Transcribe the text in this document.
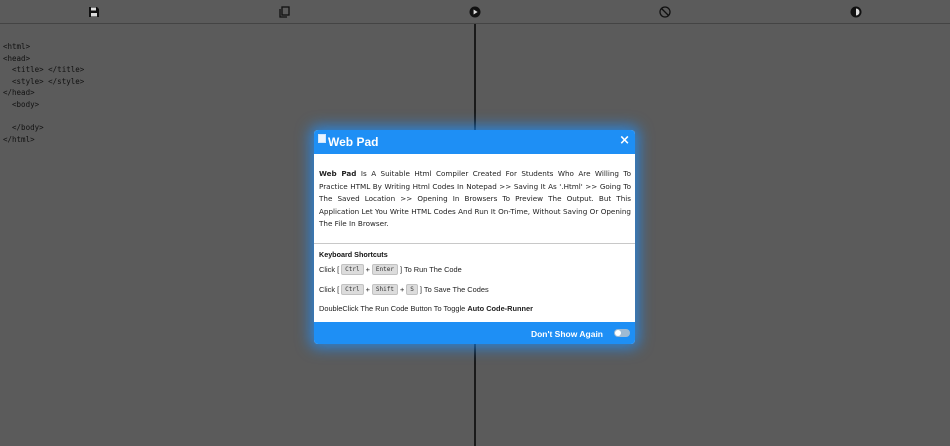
<html>
<head>
<title> </title>
<style> </style>
</head>
<body>

</body>
</html>	Web Pad	×

Web Pad Is A Suitable Html Compiler Created For Students Who Are Willing To Practice HTML By Writing Html Codes In Notepad >> Saving It As '.Html' >> Going To The Saved Location >> Opening In Browsers To Preview The Output. But This Application Let You Write HTML Codes And Run It On-Time, Without Saving Or Opening The File In Browser.

Keyboard Shortcuts
Click [	Ctrl +	Enter ] To Run The Code
Click [	Ctrl +	Shift +	S ] To Save The Codes
DoubleClick The Run Code Button To Toggle Auto Code-Runner
Don't Show Again
